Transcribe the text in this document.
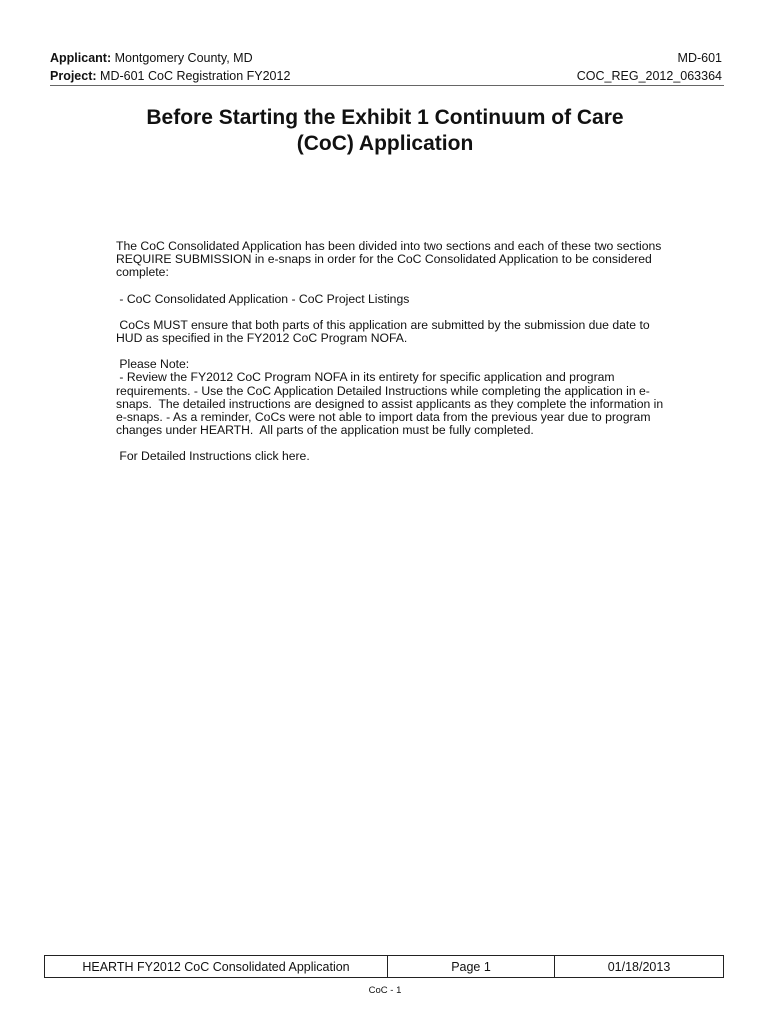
Applicant: Montgomery County, MD
Project: MD-601 CoC Registration FY2012
MD-601
COC_REG_2012_063364
Before Starting the Exhibit 1 Continuum of Care
(CoC) Application

The CoC Consolidated Application has been divided into two sections and each of these two sections REQUIRE SUBMISSION in e-snaps in order for the CoC Consolidated Application to be considered complete:

- CoC Consolidated Application - CoC Project Listings

CoCs MUST ensure that both parts of this application are submitted by the submission due date to HUD as specified in the FY2012 CoC Program NOFA.

Please Note:

- Review the FY2012 CoC Program NOFA in its entirety for specific application and program requirements. - Use the CoC Application Detailed Instructions while completing the application in e-snaps.  The detailed instructions are designed to assist applicants as they complete the information in e-snaps. - As a reminder, CoCs were not able to import data from the previous year due to program changes under HEARTH.  All parts of the application must be fully completed.

For Detailed Instructions click here.

HEARTH FY2012 CoC Consolidated Application	Page 1	01/18/2013
CoC - 1
